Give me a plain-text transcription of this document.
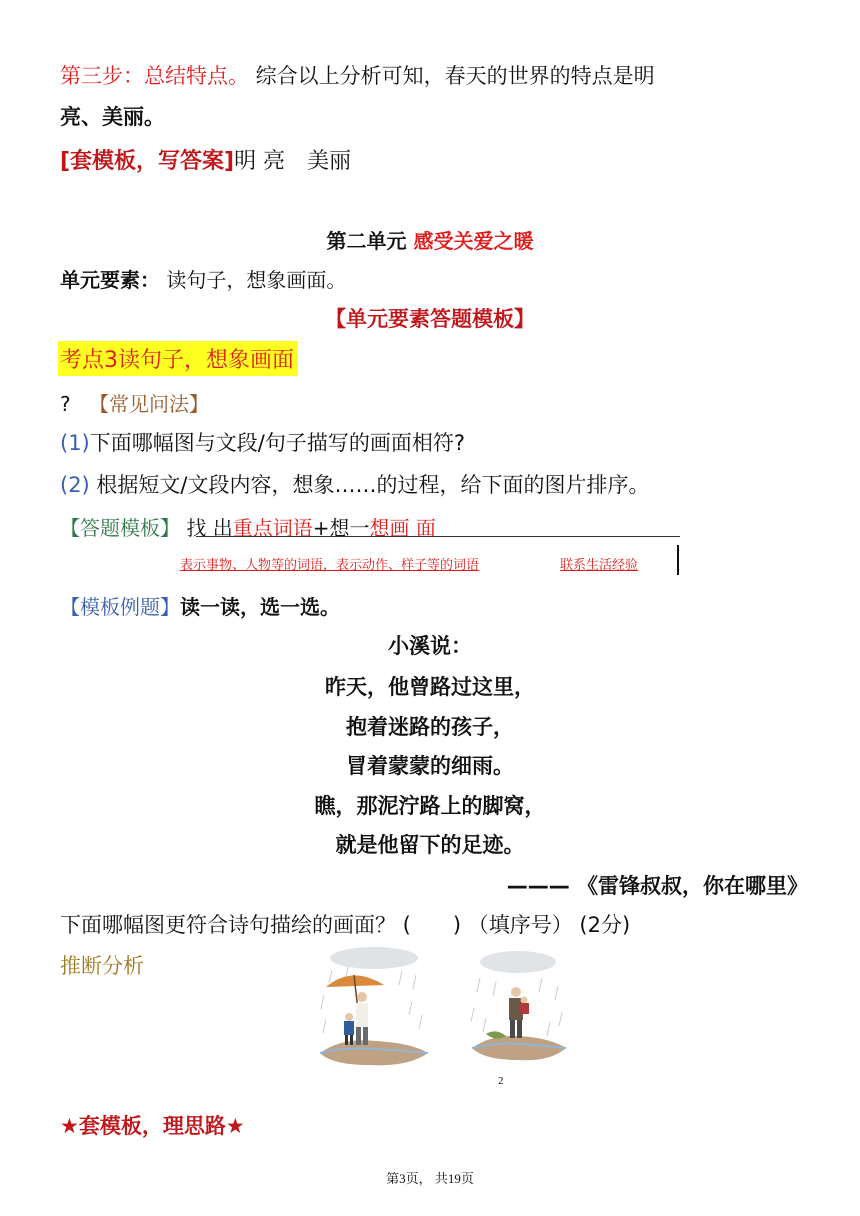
第三步：总结特点。 综合以上分析可知，春天的世界的特点是明
亮、美丽。
[套模板，写答案]明 亮　美丽
第二单元 感受关爱之暖
单元要素： 读句子，想象画面。
【单元要素答题模板】
考点3读句子，想象画面
? 【常见问法】
(1)下面哪幅图与文段/句子描写的画面相符?
(2) 根据短文/文段内容，想象……的过程，给下面的图片排序。
【答题模板】 找 出重点词语+想一想画 面
表示事物、人物等的词语，表示动作、样子等的词语	联系生活经验
【模板例题】读一读，选一选。
小溪说：
昨天，他曾路过这里，
抱着迷路的孩子，
冒着蒙蒙的细雨。
瞧，那泥泞路上的脚窝，
就是他留下的足迹。
——— 《雷锋叔叔，你在哪里》
下面哪幅图更符合诗句描绘的画面？ (　　) （填序号） (2分)
推断分析
2
★套模板，理思路★
第3页， 共19页
